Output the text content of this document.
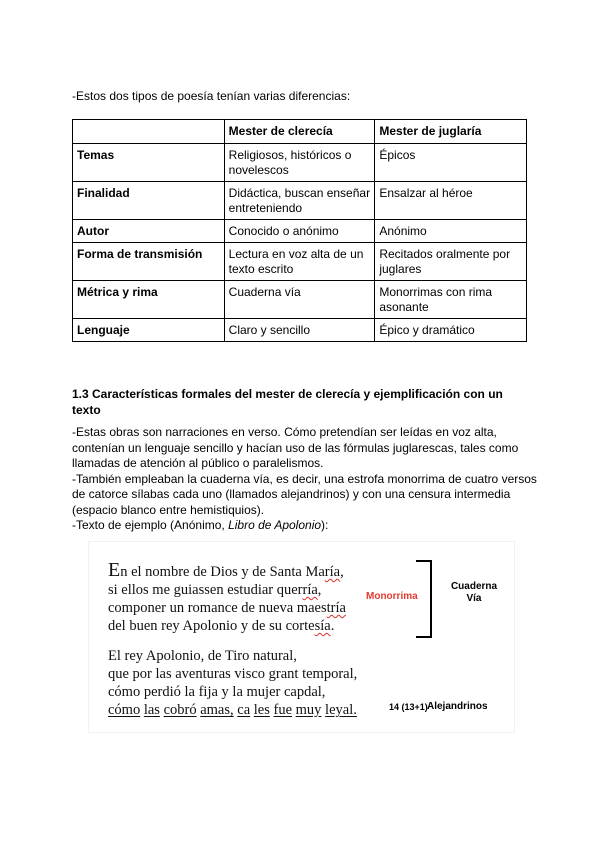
-Estos dos tipos de poesía tenían varias diferencias:
	Mester de clerecía	Mester de juglaría
Temas	Religiosos, históricos o novelescos	Épicos
Finalidad	Didáctica, buscan enseñar entreteniendo	Ensalzar al héroe
Autor	Conocido o anónimo	Anónimo
Forma de transmisión	Lectura en voz alta de un texto escrito	Recitados oralmente por juglares
Métrica y rima	Cuaderna vía	Monorrimas con rima asonante
Lenguaje	Claro y sencillo	Épico y dramático
1.3 Características formales del mester de clerecía y ejemplificación con un texto

-Estas obras son narraciones en verso. Cómo pretendían ser leídas en voz alta, contenían un lenguaje sencillo y hacían uso de las fórmulas juglarescas, tales como llamadas de atención al público o paralelismos.

-También empleaban la cuaderna vía, es decir, una estrofa monorrima de cuatro versos de catorce sílabas cada uno (llamados alejandrinos) y con una censura intermedia (espacio blanco entre hemistiquios).

-Texto de ejemplo (Anónimo, Libro de Apolonio):

En el nombre de Dios y de Santa María,
si ellos me guiassen estudiar querría,
componer un romance de nueva maestría
del buen rey Apolonio y de su cortesía.
Monorrima
Cuaderna
Vía
El rey Apolonio, de Tiro natural,
que por las aventuras visco grant temporal,
cómo perdió la fija y la mujer capdal,
cómo las cobró amas, ca les fue muy leyal.	14 (13+1) Alejandrinos
